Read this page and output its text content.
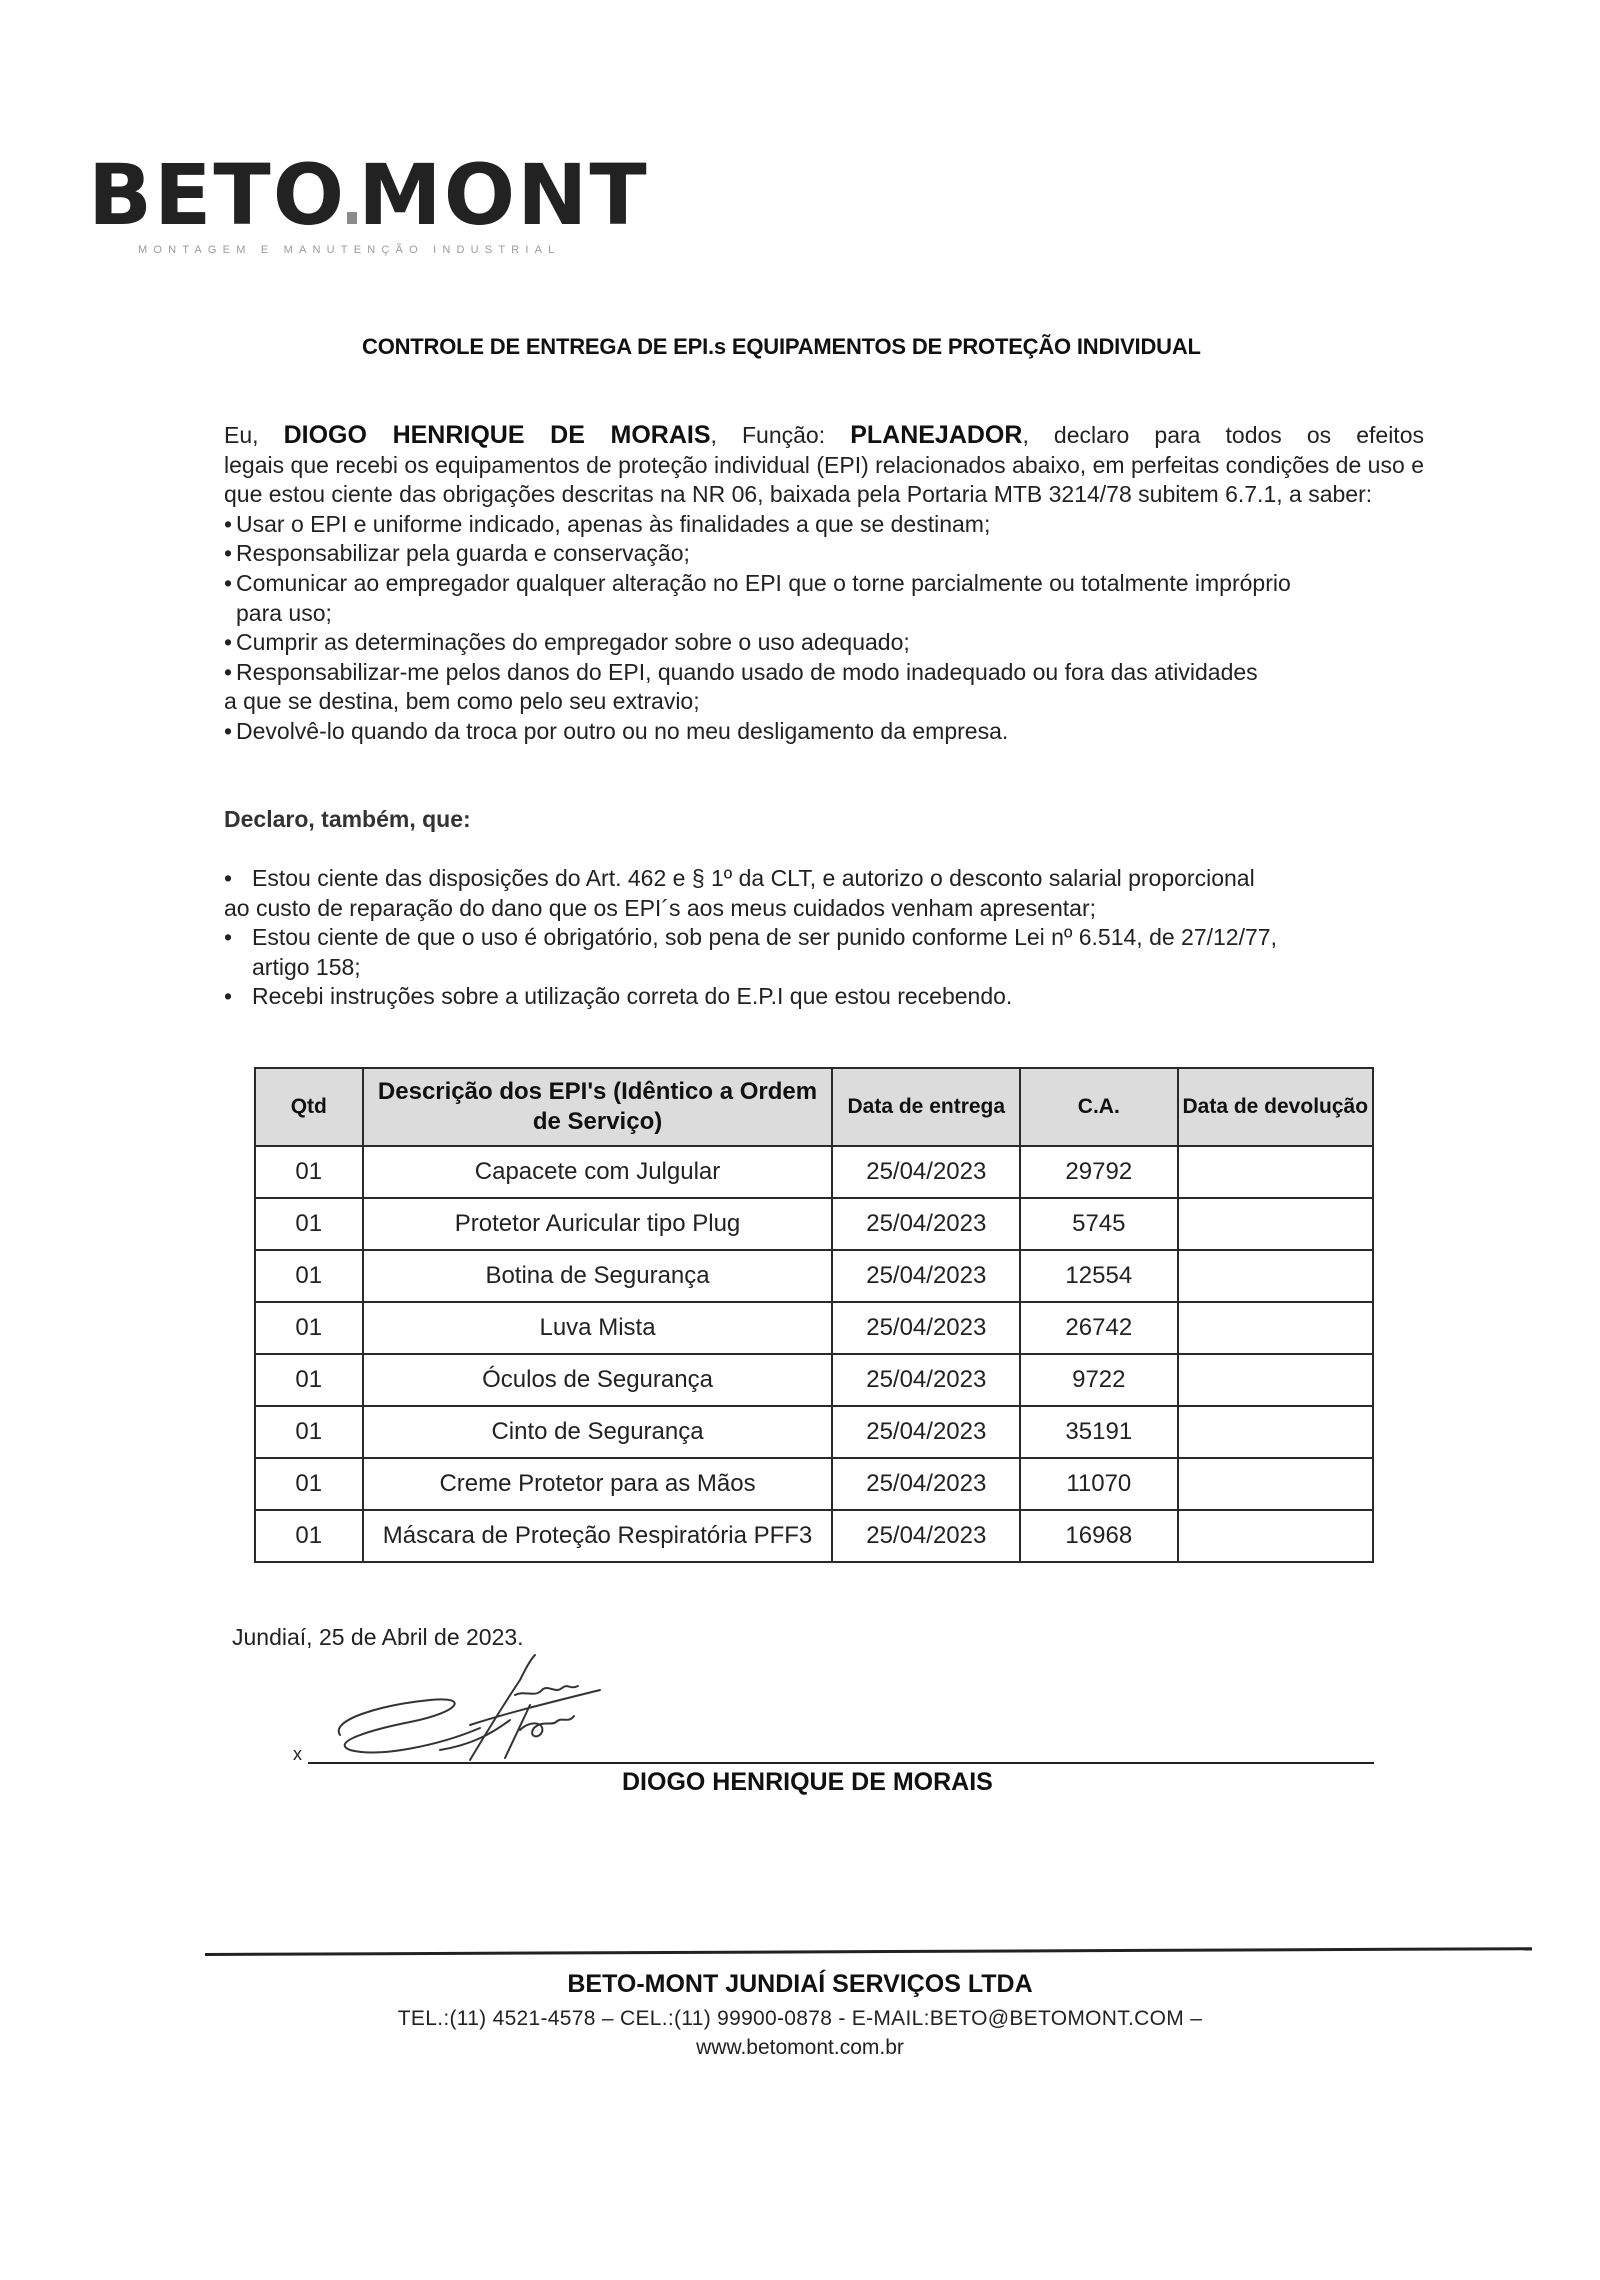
BETO MONT
MONTAGEM E MANUTENÇÃO INDUSTRIAL
CONTROLE DE ENTREGA DE EPI.s EQUIPAMENTOS DE PROTEÇÃO INDIVIDUAL

Eu, DIOGO HENRIQUE DE MORAIS, Função: PLANEJADOR, declaro para todos os efeitos

legais que recebi os equipamentos de proteção individual (EPI) relacionados abaixo, em perfeitas condições de uso e que estou ciente das obrigações descritas na NR 06, baixada pela Portaria MTB 3214/78 subitem 6.7.1, a saber:

• Usar o EPI e uniforme indicado, apenas às finalidades a que se destinam;

• Responsabilizar pela guarda e conservação;

• Comunicar ao empregador qualquer alteração no EPI que o torne parcialmente ou totalmente impróprio

para uso;

• Cumprir as determinações do empregador sobre o uso adequado;

• Responsabilizar-me pelos danos do EPI, quando usado de modo inadequado ou fora das atividades

a que se destina, bem como pelo seu extravio;

• Devolvê-lo quando da troca por outro ou no meu desligamento da empresa.

Declaro, também, que:

• Estou ciente das disposições do Art. 462 e § 1º da CLT, e autorizo o desconto salarial proporcional

ao custo de reparação do dano que os EPI´s aos meus cuidados venham apresentar;

• Estou ciente de que o uso é obrigatório, sob pena de ser punido conforme Lei nº 6.514, de 27/12/77,

artigo 158;

• Recebi instruções sobre a utilização correta do E.P.I que estou recebendo.

Qtd	Descrição dos EPI's (Idêntico a Ordem de Serviço)	Data de entrega	C.A.	Data de devolução
01	Capacete com Julgular	25/04/2023	29792	
01	Protetor Auricular tipo Plug	25/04/2023	5745	
01	Botina de Segurança	25/04/2023	12554	
01	Luva Mista	25/04/2023	26742	
01	Óculos de Segurança	25/04/2023	9722	
01	Cinto de Segurança	25/04/2023	35191	
01	Creme Protetor para as Mãos	25/04/2023	11070	
01	Máscara de Proteção Respiratória PFF3	25/04/2023	16968	
Jundiaí, 25 de Abril de 2023.
x
DIOGO HENRIQUE DE MORAIS
BETO-MONT JUNDIAÍ SERVIÇOS LTDA
TEL.:(11) 4521-4578 – CEL.:(11) 99900-0878 - E-MAIL:BETO@BETOMONT.COM –
www.betomont.com.br
